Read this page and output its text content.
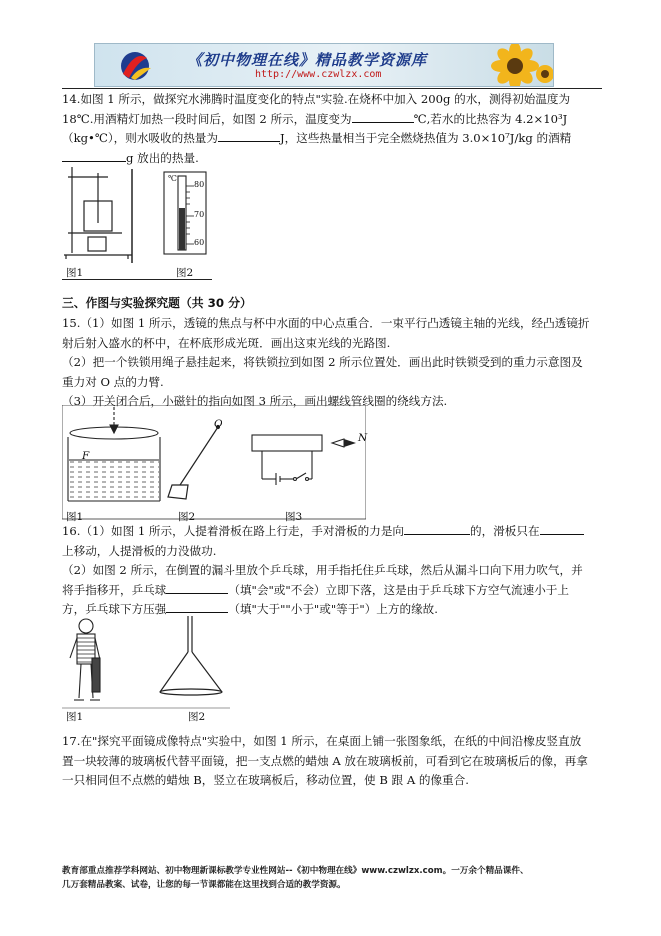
《初中物理在线》精品教学资源库
http://www.czwlzx.com

14.如图 1 所示，做探究水沸腾时温度变化的特点"实验.在烧杯中加入 200g 的水，测得初始温度为 18℃.用酒精灯加热一段时间后，如图 2 所示，温度变为	℃,若水的比热容为 4.2×10³J（kg•℃），则水吸收的热量为	J，这些热量相当于完全燃烧热值为 3.0×10⁷J/kg 的酒精g 放出的热量.

80
70
60
℃
图1	图2
三、作图与实验探究题（共 30 分）

15.（1）如图 1 所示，透镜的焦点与杯中水面的中心点重合．一束平行凸透镜主轴的光线，经凸透镜折射后射入盛水的杯中，在杯底形成光斑．画出这束光线的光路图.

（2）把一个铁锁用绳子悬挂起来，将铁锁拉到如图 2 所示位置处．画出此时铁锁受到的重力示意图及重力对 O 点的力臂.

（3）开关闭合后，小磁针的指向如图 3 所示，画出螺线管线圈的绕线方法.

F
O
N
图1	图2	图3

16.（1）如图 1 所示，人提着滑板在路上行走，手对滑板的力是向	的，滑板只在上移动，人提滑板的力没做功.

（2）如图 2 所示，在倒置的漏斗里放个乒乓球，用手指托住乒乓球，然后从漏斗口向下用力吹气，并将手指移开，乒乓球	（填"会"或"不会）立即下落，这是由于乒乓球下方空气流速小于上方，乒乓球下方压强	（填"大于""小于"或"等于"）上方的缘故.

图1	图2

17.在"探究平面镜成像特点"实验中，如图 1 所示，在桌面上铺一张图象纸，在纸的中间沿橡皮竖直放置一块较薄的玻璃板代替平面镜，把一支点燃的蜡烛 A 放在玻璃板前，可看到它在玻璃板后的像，再拿一只相同但不点燃的蜡烛 B，竖立在玻璃板后，移动位置，使 B 跟 A 的像重合.

教育部重点推荐学科网站、初中物理新课标教学专业性网站--《初中物理在线》www.czwlzx.com。一万余个精品课件、
几万套精品教案、试卷，让您的每一节课都能在这里找到合适的教学资源。
